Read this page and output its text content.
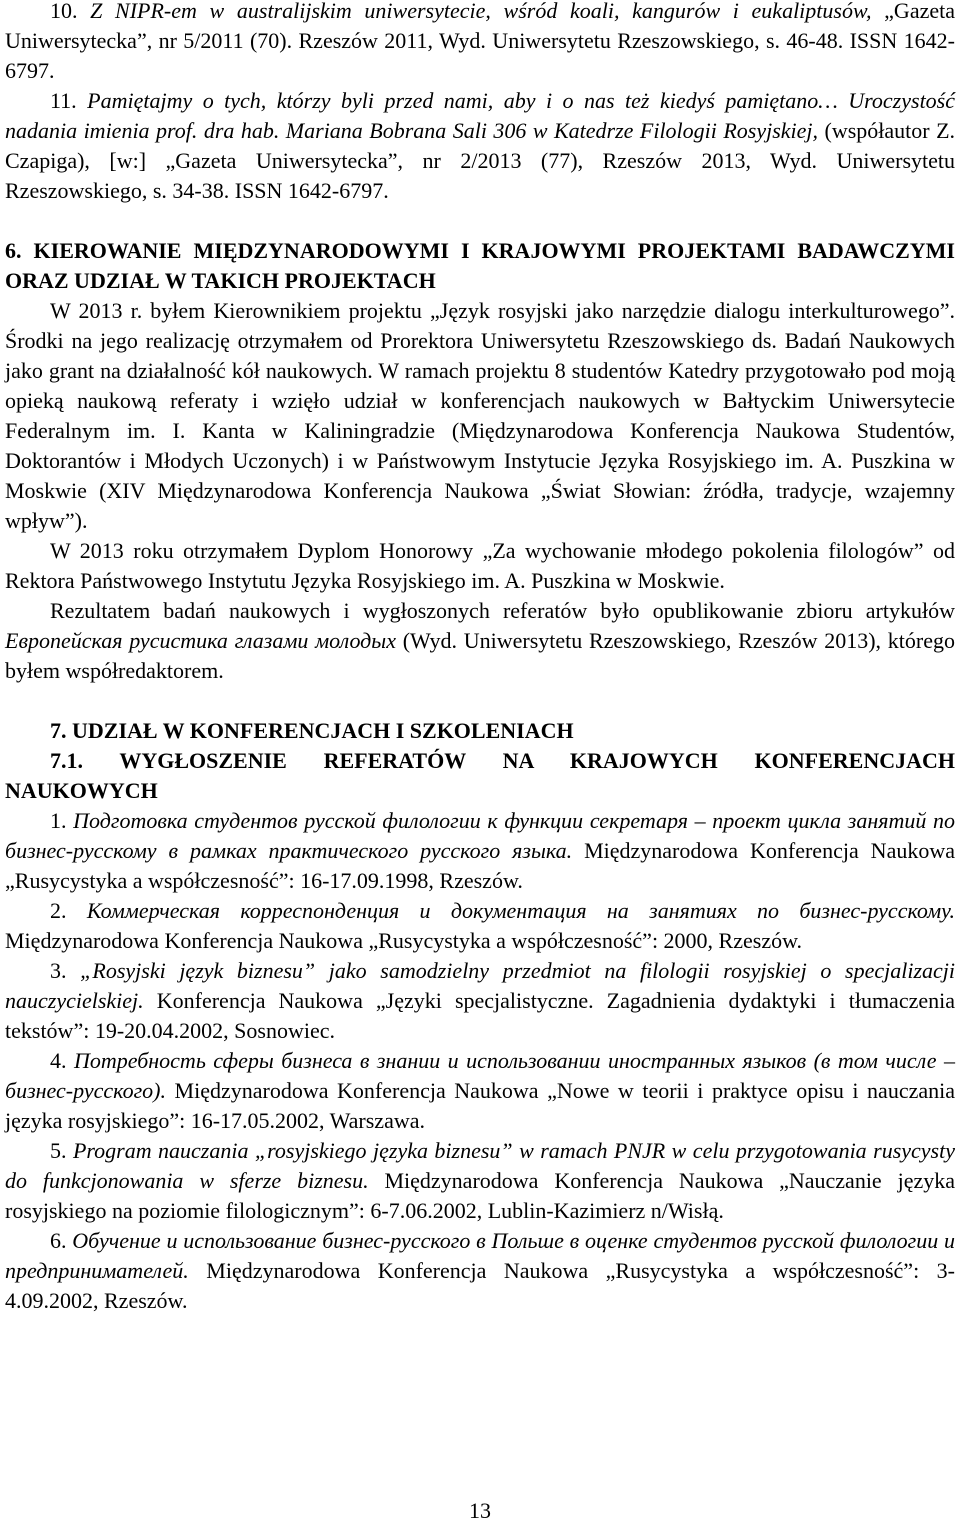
10. Z NIPR-em w australijskim uniwersytecie, wśród koali, kangurów i eukaliptusów, „Gazeta Uniwersytecka”, nr 5/2011 (70). Rzeszów 2011, Wyd. Uniwersytetu Rzeszowskiego, s. 46-48. ISSN 1642-6797.

11. Pamiętajmy o tych, którzy byli przed nami, aby i o nas też kiedyś pamiętano… Uroczystość nadania imienia prof. dra hab. Mariana Bobrana Sali 306 w Katedrze Filologii Rosyjskiej, (współautor Z. Czapiga), [w:] „Gazeta Uniwersytecka”, nr 2/2013 (77), Rzeszów 2013, Wyd. Uniwersytetu Rzeszowskiego, s. 34-38. ISSN 1642-6797.

6. KIEROWANIE MIĘDZYNARODOWYMI I KRAJOWYMI PROJEKTAMI BADAWCZYMI ORAZ UDZIAŁ W TAKICH PROJEKTACH

W 2013 r. byłem Kierownikiem projektu „Język rosyjski jako narzędzie dialogu interkulturowego”. Środki na jego realizację otrzymałem od Prorektora Uniwersytetu Rzeszowskiego ds. Badań Naukowych jako grant na działalność kół naukowych. W ramach projektu 8 studentów Katedry przygotowało pod moją opieką naukową referaty i wzięło udział w konferencjach naukowych w Bałtyckim Uniwersytecie Federalnym im. I. Kanta w Kaliningradzie (Międzynarodowa Konferencja Naukowa Studentów, Doktorantów i Młodych Uczonych) i w Państwowym Instytucie Języka Rosyjskiego im. A. Puszkina w Moskwie (XIV Międzynarodowa Konferencja Naukowa „Świat Słowian: źródła, tradycje, wzajemny wpływ”).

W 2013 roku otrzymałem Dyplom Honorowy „Za wychowanie młodego pokolenia filologów” od Rektora Państwowego Instytutu Języka Rosyjskiego im. A. Puszkina w Moskwie.

Rezultatem badań naukowych i wygłoszonych referatów było opublikowanie zbioru artykułów Европейская русистика глазами молодых (Wyd. Uniwersytetu Rzeszowskiego, Rzeszów 2013), którego byłem współredaktorem.

7. UDZIAŁ W KONFERENCJACH I SZKOLENIACH

7.1. WYGŁOSZENIE REFERATÓW NA KRAJOWYCH KONFERENCJACH NAUKOWYCH

1. Подготовка студентов русской филологии к функции секретаря – проект цикла занятий по бизнес-русскому в рамках практического русского языка. Międzynarodowa Konferencja Naukowa „Rusycystyka a współczesność”: 16-17.09.1998, Rzeszów.

2. Коммерческая корреспонденция и документация на занятиях по бизнес-русскому. Międzynarodowa Konferencja Naukowa „Rusycystyka a współczesność”: 2000, Rzeszów.

3. „Rosyjski język biznesu” jako samodzielny przedmiot na filologii rosyjskiej o specjalizacji nauczycielskiej. Konferencja Naukowa „Języki specjalistyczne. Zagadnienia dydaktyki i tłumaczenia tekstów”: 19-20.04.2002, Sosnowiec.

4. Потребность сферы бизнеса в знании и использовании иностранных языков (в том числе – бизнес-русского). Międzynarodowa Konferencja Naukowa „Nowe w teorii i praktyce opisu i nauczania języka rosyjskiego”: 16-17.05.2002, Warszawa.

5. Program nauczania „rosyjskiego języka biznesu” w ramach PNJR w celu przygotowania rusycysty do funkcjonowania w sferze biznesu. Międzynarodowa Konferencja Naukowa „Nauczanie języka rosyjskiego na poziomie filologicznym”: 6-7.06.2002, Lublin-Kazimierz n/Wisłą.

6. Обучение и использование бизнес-русского в Польше в оценке студентов русской филологии и предпринимателей. Międzynarodowa Konferencja Naukowa „Rusycystyka a współczesność”: 3-4.09.2002, Rzeszów.

13
